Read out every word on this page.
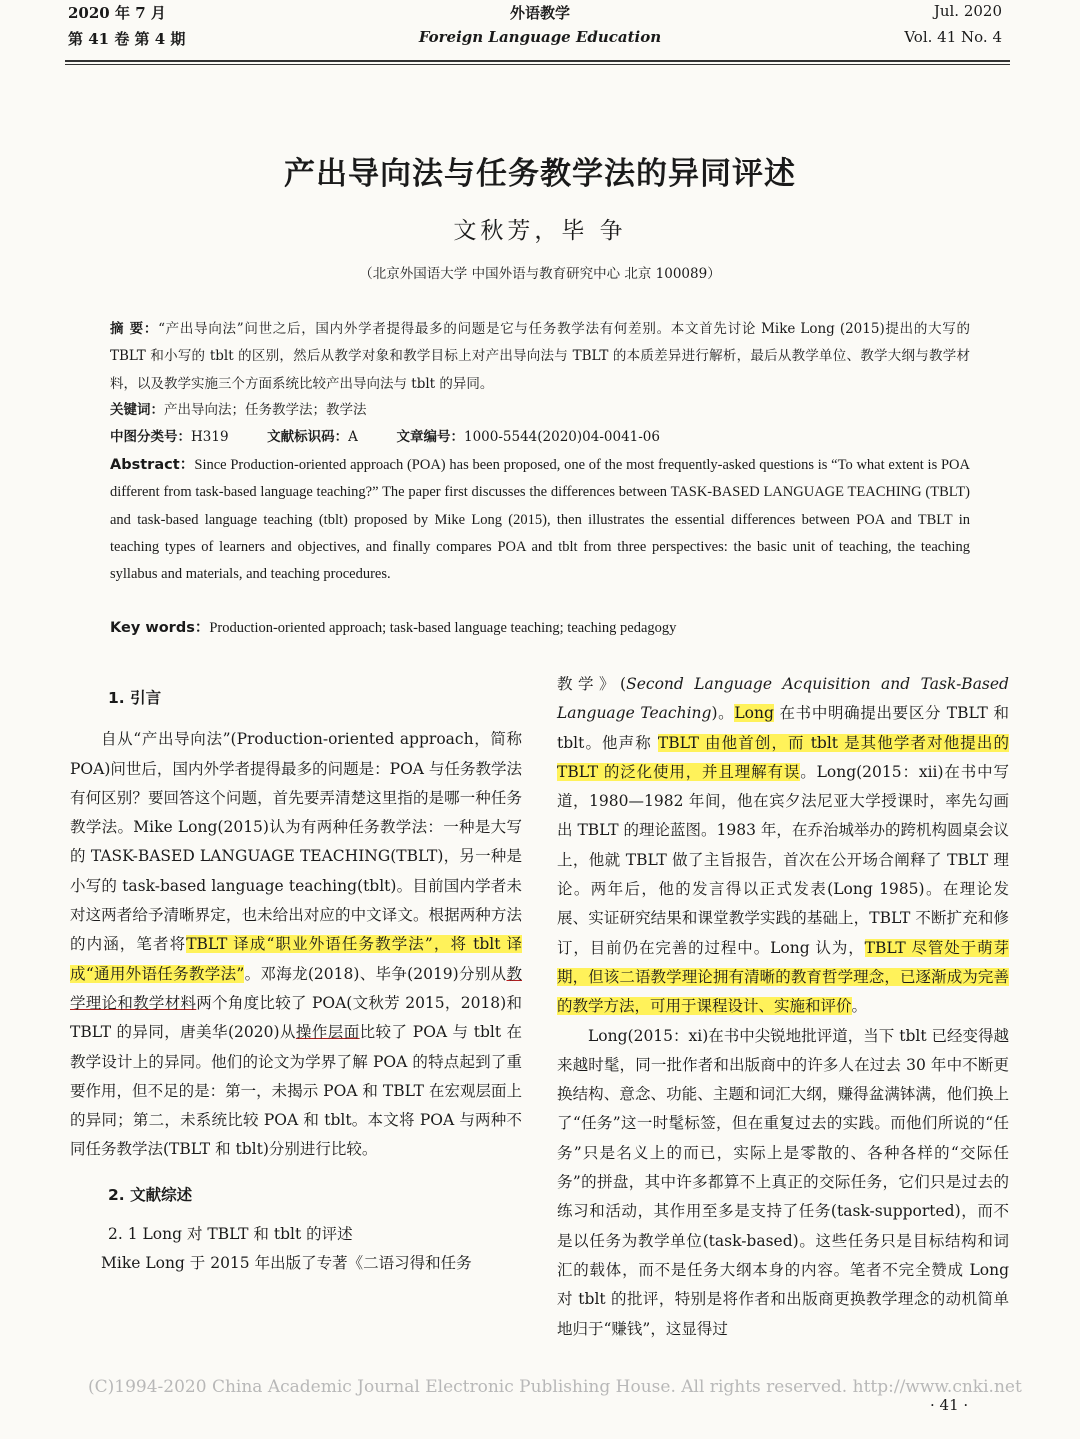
2020 年 7 月
第 41 卷 第 4 期
外语教学
Foreign Language Education
Jul. 2020
Vol. 41 No. 4
产出导向法与任务教学法的异同评述
文秋芳，毕 争
（北京外国语大学 中国外语与教育研究中心 北京 100089）
摘 要：“产出导向法”问世之后，国内外学者提得最多的问题是它与任务教学法有何差别。本文首先讨论 Mike Long (2015)提出的大写的 TBLT 和小写的 tblt 的区别，然后从教学对象和教学目标上对产出导向法与 TBLT 的本质差异进行解析，最后从教学单位、教学大纲与教学材料，以及教学实施三个方面系统比较产出导向法与 tblt 的异同。
关键词：产出导向法；任务教学法；教学法
中图分类号：H319	文献标识码：A	文章编号：1000-5544(2020)04-0041-06
Abstract：Since Production-oriented approach (POA) has been proposed, one of the most frequently-asked questions is “To what extent is POA different from task-based language teaching?” The paper first discusses the differences between TASK-BASED LANGUAGE TEACHING (TBLT) and task-based language teaching (tblt) proposed by Mike Long (2015), then illustrates the essential differences between POA and TBLT in teaching types of learners and objectives, and finally compares POA and tblt from three perspectives: the basic unit of teaching, the teaching syllabus and materials, and teaching procedures.
Key words：Production-oriented approach; task-based language teaching; teaching pedagogy

1. 引言

自从“产出导向法”(Production-oriented approach，简称 POA)问世后，国内外学者提得最多的问题是：POA 与任务教学法有何区别？要回答这个问题，首先要弄清楚这里指的是哪一种任务教学法。Mike Long(2015)认为有两种任务教学法：一种是大写的 TASK-BASED LANGUAGE TEACHING(TBLT)，另一种是小写的 task-based language teaching(tblt)。目前国内学者未对这两者给予清晰界定，也未给出对应的中文译文。根据两种方法的内涵，笔者将TBLT 译成“职业外语任务教学法”，将 tblt 译成“通用外语任务教学法”。邓海龙(2018)、毕争(2019)分别从教学理论和教学材料两个角度比较了 POA(文秋芳 2015，2018)和 TBLT 的异同，唐美华(2020)从操作层面比较了 POA 与 tblt 在教学设计上的异同。他们的论文为学界了解 POA 的特点起到了重要作用，但不足的是：第一，未揭示 POA 和 TBLT 在宏观层面上的异同；第二，未系统比较 POA 和 tblt。本文将 POA 与两种不同任务教学法(TBLT 和 tblt)分别进行比较。

2. 文献综述

2. 1 Long 对 TBLT 和 tblt 的评述

Mike Long 于 2015 年出版了专著《二语习得和任务

教学》(Second Language Acquisition and Task-Based Language Teaching)。Long 在书中明确提出要区分 TBLT 和 tblt。他声称 TBLT 由他首创，而 tblt 是其他学者对他提出的 TBLT 的泛化使用，并且理解有误。Long(2015：xii)在书中写道，1980—1982 年间，他在宾夕法尼亚大学授课时，率先勾画出 TBLT 的理论蓝图。1983 年，在乔治城举办的跨机构圆桌会议上，他就 TBLT 做了主旨报告，首次在公开场合阐释了 TBLT 理论。两年后，他的发言得以正式发表(Long 1985)。在理论发展、实证研究结果和课堂教学实践的基础上，TBLT 不断扩充和修订，目前仍在完善的过程中。Long 认为，TBLT 尽管处于萌芽期，但该二语教学理论拥有清晰的教育哲学理念，已逐渐成为完善的教学方法，可用于课程设计、实施和评价。

Long(2015：xi)在书中尖锐地批评道，当下 tblt 已经变得越来越时髦，同一批作者和出版商中的许多人在过去 30 年中不断更换结构、意念、功能、主题和词汇大纲，赚得盆满钵满，他们换上了“任务”这一时髦标签，但在重复过去的实践。而他们所说的“任务”只是名义上的而已，实际上是零散的、各种各样的“交际任务”的拼盘，其中许多都算不上真正的交际任务，它们只是过去的练习和活动，其作用至多是支持了任务(task-supported)，而不是以任务为教学单位(task-based)。这些任务只是目标结构和词汇的载体，而不是任务大纲本身的内容。笔者不完全赞成 Long 对 tblt 的批评，特别是将作者和出版商更换教学理念的动机简单地归于“赚钱”，这显得过

(C)1994-2020 China Academic Journal Electronic Publishing House. All rights reserved. http://www.cnki.net
· 41 ·
